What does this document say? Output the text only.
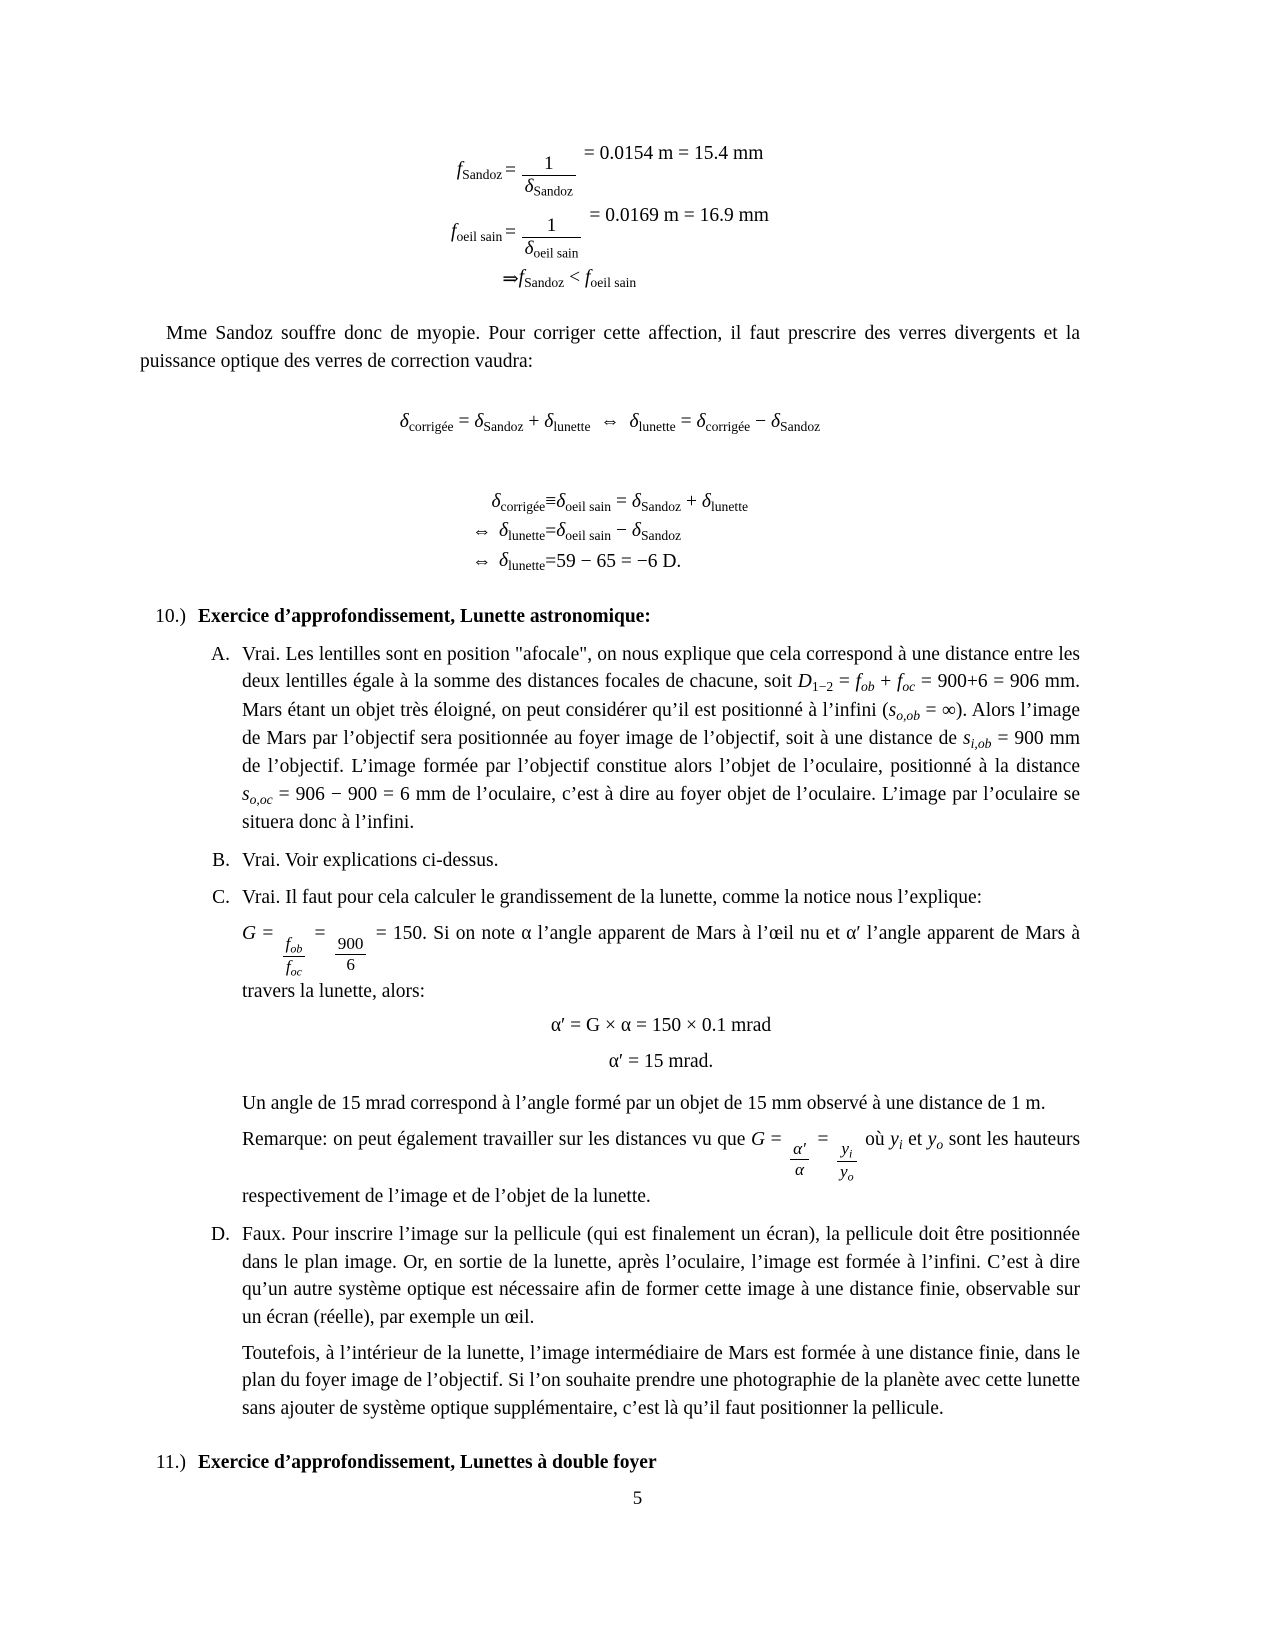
$f_{Sandoz}$	=	$\frac{1}{\delta_{Sandoz}}$
= 0.0154 m = 15.4 mm
$f_{oeil sain}$	=	$\frac{1}{\delta_{oeil sain}}$
= 0.0169 m = 16.9 mm
	⇒	$f_{Sandoz} < f_{oeil sain}$

Mme Sandoz souffre donc de myopie. Pour corriger cette affection, il faut prescrire des verres divergents et la puissance optique des verres de correction vaudra:

$\delta_{corrigée} = \delta_{Sandoz} + \delta_{lunette}$ ⇔ $\delta_{lunette} = \delta_{corrigée} - \delta_{Sandoz}$
	$\delta_{corrigée}$	≡	$\delta_{oeil sain} = \delta_{Sandoz} + \delta_{lunette}$
⇔	$\delta_{lunette}$	=	$\delta_{oeil sain} - \delta_{Sandoz}$
⇔	$\delta_{lunette}$	=	59 − 65 = −6 D.
10.) Exercice d’approfondissement, Lunette astronomique:
A. Vrai. Les lentilles sont en position "afocale", on nous explique que cela correspond à une distance entre les deux lentilles égale à la somme des distances focales de chacune, soit $D_{1-2} = f_{ob} + f_{oc} = 900+6 = 906$ mm. Mars étant un objet très éloigné, on peut considérer qu’il est positionné à l’infini ($s_{o,ob}$ = ∞). Alors l’image de Mars par l’objectif sera positionnée au foyer image de l’objectif, soit à une distance de $s_{i,ob} = 900$ mm de l’objectif. L’image formée par l’objectif constitue alors l’objet de l’oculaire, positionné à la distance $s_{o,oc} = 906 - 900 = 6$ mm de l’oculaire, c’est à dire au foyer objet de l’oculaire. L’image par l’oculaire se situera donc à l’infini.
B. Vrai. Voir explications ci-dessus.
C. Vrai. Il faut pour cela calculer le grandissement de la lunette, comme la notice nous l’explique:
G =
$\frac{f_{ob}}{f_{oc}}$
=
$\frac{900}{6}$
= 150. Si on note α l’angle apparent de Mars à l’œil nu et α′ l’angle apparent de Mars à travers la lunette, alors:
α′ = G × α = 150 × 0.1 mrad
α′ = 15 mrad.
Un angle de 15 mrad correspond à l’angle formé par un objet de 15 mm observé à une distance de 1 m.
Remarque: on peut également travailler sur les distances vu que G =
$\frac{\alpha'}{\alpha}$
=
$\frac{y_i}{y_o}$
où $y_i$ et $y_o$ sont les hauteurs respectivement de l’image et de l’objet de la lunette.
D. Faux. Pour inscrire l’image sur la pellicule (qui est finalement un écran), la pellicule doit être positionnée dans le plan image. Or, en sortie de la lunette, après l’oculaire, l’image est formée à l’infini. C’est à dire qu’un autre système optique est nécessaire afin de former cette image à une distance finie, observable sur un écran (réelle), par exemple un œil.
Toutefois, à l’intérieur de la lunette, l’image intermédiaire de Mars est formée à une distance finie, dans le plan du foyer image de l’objectif. Si l’on souhaite prendre une photographie de la planète avec cette lunette sans ajouter de système optique supplémentaire, c’est là qu’il faut positionner la pellicule.
11.) Exercice d’approfondissement, Lunettes à double foyer
5
